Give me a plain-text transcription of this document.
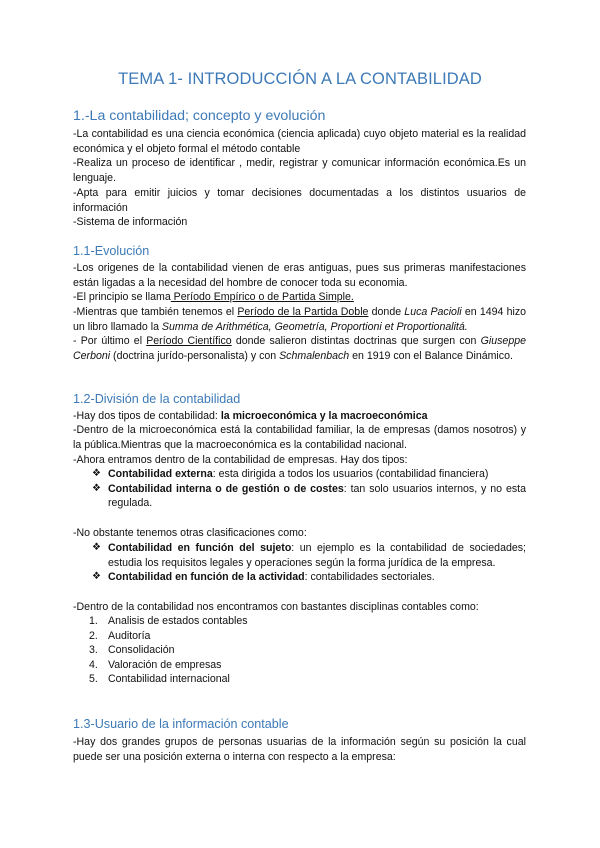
TEMA 1- INTRODUCCIÓN A LA CONTABILIDAD
1.-La contabilidad; concepto y evolución
-La contabilidad es una ciencia económica (ciencia aplicada) cuyo objeto material es la realidad económica y el objeto formal el método contable
-Realiza un proceso de identificar , medir, registrar y comunicar información económica.Es un lenguaje.
-Apta para emitir juicios y tomar decisiones documentadas a los distintos usuarios de información
-Sistema de información
1.1-Evolución
-Los origenes de la contabilidad vienen de eras antiguas, pues sus primeras manifestaciones están ligadas a la necesidad del hombre de conocer toda su economia.
-El principio se llama Período Empírico o de Partida Simple.
-Mientras que también tenemos el Período de la Partida Doble donde Luca Pacioli en 1494 hizo un libro llamado la Summa de Arithmética, Geometría, Proportioni et Proportionalitá.
- Por último el Período Científico donde salieron distintas doctrinas que surgen con Giuseppe Cerboni (doctrina jurído-personalista) y con Schmalenbach en 1919 con el Balance Dinámico.
1.2-División de la contabilidad
-Hay dos tipos de contabilidad: la microeconómica y la macroeconómica
-Dentro de la microeconómica está la contabilidad familiar, la de empresas (damos nosotros) y la pública.Mientras que la macroeconómica es la contabilidad nacional.
-Ahora entramos dentro de la contabilidad de empresas. Hay dos tipos:
❖ Contabilidad externa: esta dirigida a todos los usuarios (contabilidad financiera)
❖ Contabilidad interna o de gestión o de costes: tan solo usuarios internos, y no esta regulada.
-No obstante tenemos otras clasificaciones como:
❖ Contabilidad en función del sujeto: un ejemplo es la contabilidad de sociedades; estudia los requisitos legales y operaciones según la forma jurídica de la empresa.
❖ Contabilidad en función de la actividad: contabilidades sectoriales.
-Dentro de la contabilidad nos encontramos con bastantes disciplinas contables como:
1. Analisis de estados contables
2. Auditoría
3. Consolidación
4. Valoración de empresas
5. Contabilidad internacional
1.3-Usuario de la información contable
-Hay dos grandes grupos de personas usuarias de la información según su posición la cual puede ser una posición externa o interna con respecto a la empresa:
